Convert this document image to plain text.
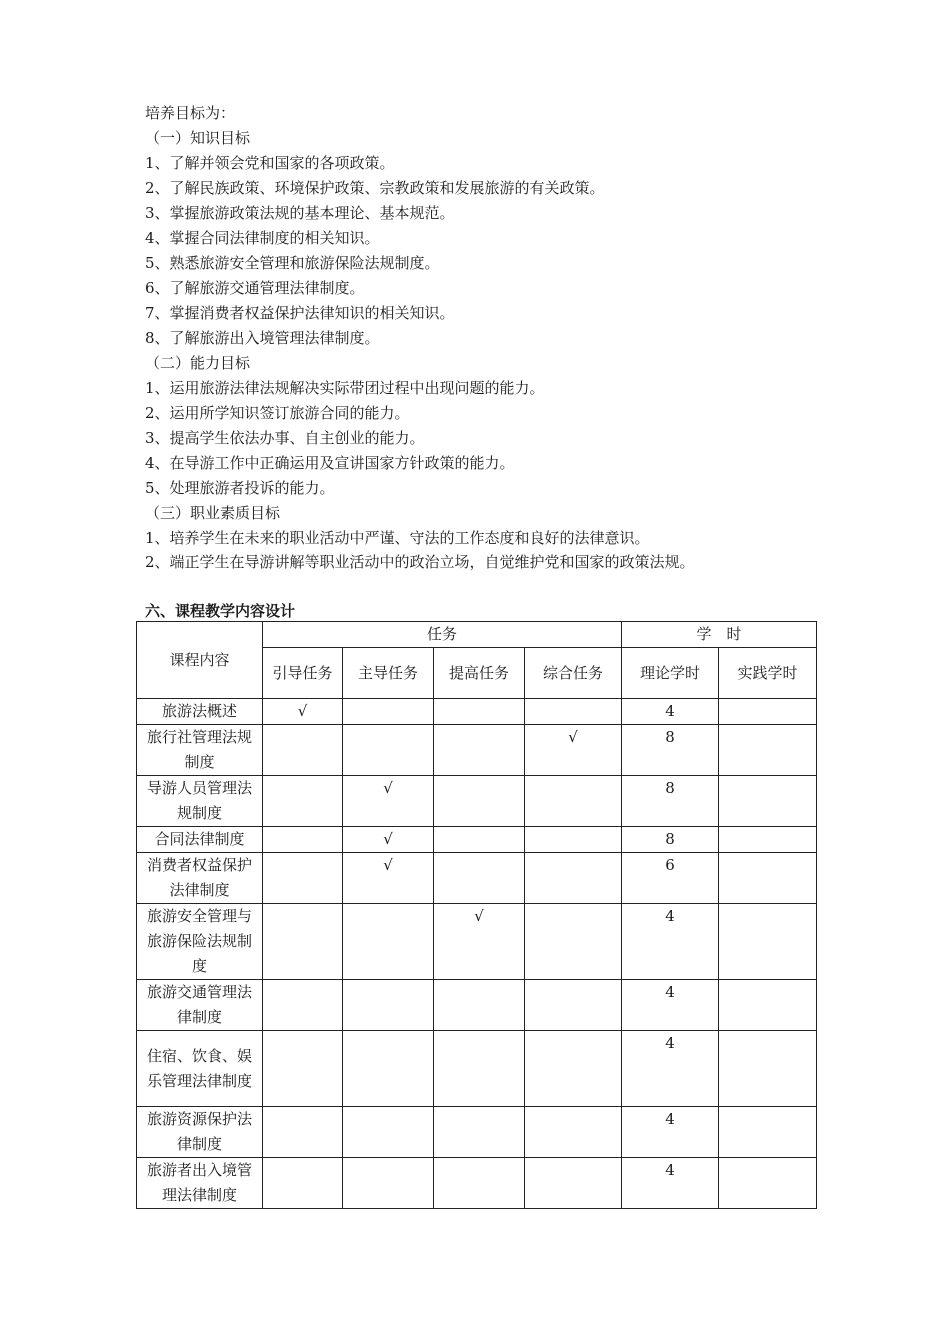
培养目标为：
（一）知识目标
1、了解并领会党和国家的各项政策。
2、了解民族政策、环境保护政策、宗教政策和发展旅游的有关政策。
3、掌握旅游政策法规的基本理论、基本规范。
4、掌握合同法律制度的相关知识。
5、熟悉旅游安全管理和旅游保险法规制度。
6、了解旅游交通管理法律制度。
7、掌握消费者权益保护法律知识的相关知识。
8、了解旅游出入境管理法律制度。
（二）能力目标
1、运用旅游法律法规解决实际带团过程中出现问题的能力。
2、运用所学知识签订旅游合同的能力。
3、提高学生依法办事、自主创业的能力。
4、在导游工作中正确运用及宣讲国家方针政策的能力。
5、处理旅游者投诉的能力。
（三）职业素质目标
1、培养学生在未来的职业活动中严谨、守法的工作态度和良好的法律意识。
2、端正学生在导游讲解等职业活动中的政治立场，自觉维护党和国家的政策法规。
六、课程教学内容设计
课程内容	任务				学　时	
	引导任务	主导任务	提高任务	综合任务	理论学时	实践学时
旅游法概述	√				4	
旅行社管理法规制度				√	8	
导游人员管理法规制度		√			8	
合同法律制度		√			8	
消费者权益保护法律制度		√			6	
旅游安全管理与旅游保险法规制度			√		4	
旅游交通管理法律制度					4	
住宿、饮食、娱乐管理法律制度					4	
旅游资源保护法律制度					4	
旅游者出入境管理法律制度					4	
